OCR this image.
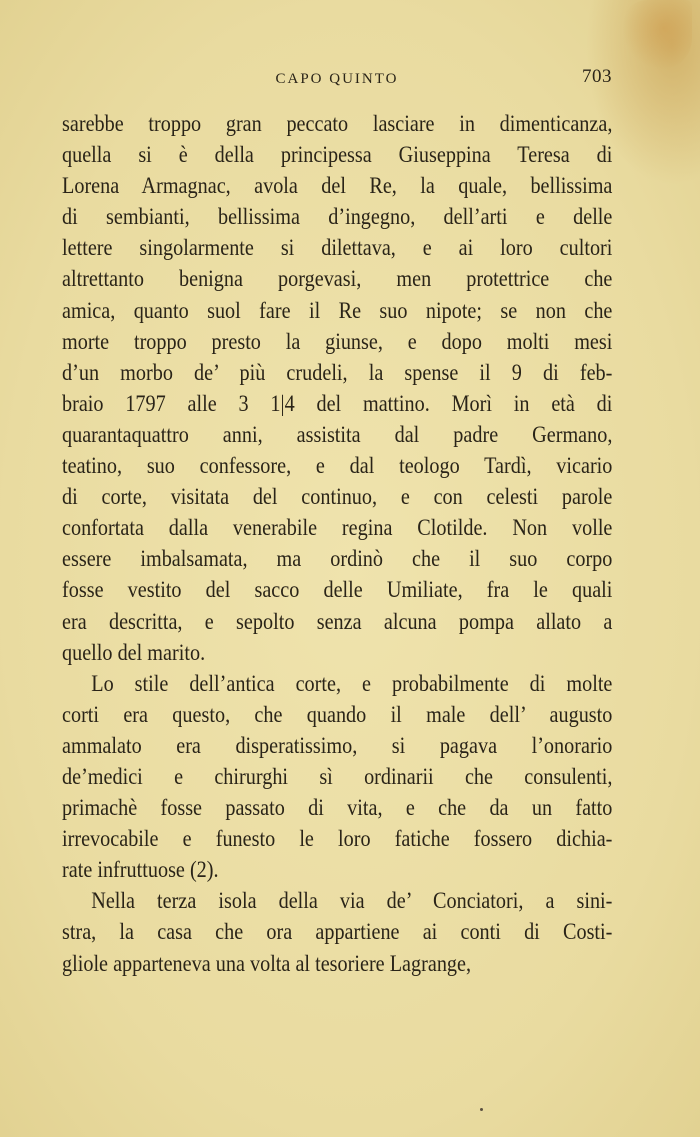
CAPO QUINTO	703
sarebbe troppo gran peccato lasciare in dimenticanza,
quella si è della principessa Giuseppina Teresa di
Lorena Armagnac, avola del Re, la quale, bellissima
di sembianti, bellissima d’ingegno, dell’arti e delle
lettere singolarmente si dilettava, e ai loro cultori
altrettanto benigna porgevasi, men protettrice che
amica, quanto suol fare il Re suo nipote; se non che
morte troppo presto la giunse, e dopo molti mesi
d’un morbo de’ più crudeli, la spense il 9 di feb-
braio 1797 alle 3 1|4 del mattino. Morì in età di
quarantaquattro anni, assistita dal padre Germano,
teatino, suo confessore, e dal teologo Tardì, vicario
di corte, visitata del continuo, e con celesti parole
confortata dalla venerabile regina Clotilde. Non volle
essere imbalsamata, ma ordinò che il suo corpo
fosse vestito del sacco delle Umiliate, fra le quali
era descritta, e sepolto senza alcuna pompa allato a
quello del marito.
Lo stile dell’antica corte, e probabilmente di molte
corti era questo, che quando il male dell’ augusto
ammalato era disperatissimo, si pagava l’onorario
de’medici e chirurghi sì ordinarii che consulenti,
primachè fosse passato di vita, e che da un fatto
irrevocabile e funesto le loro fatiche fossero dichia-
rate infruttuose (2).
Nella terza isola della via de’ Conciatori, a sini-
stra, la casa che ora appartiene ai conti di Costi-
gliole apparteneva una volta al tesoriere Lagrange,
